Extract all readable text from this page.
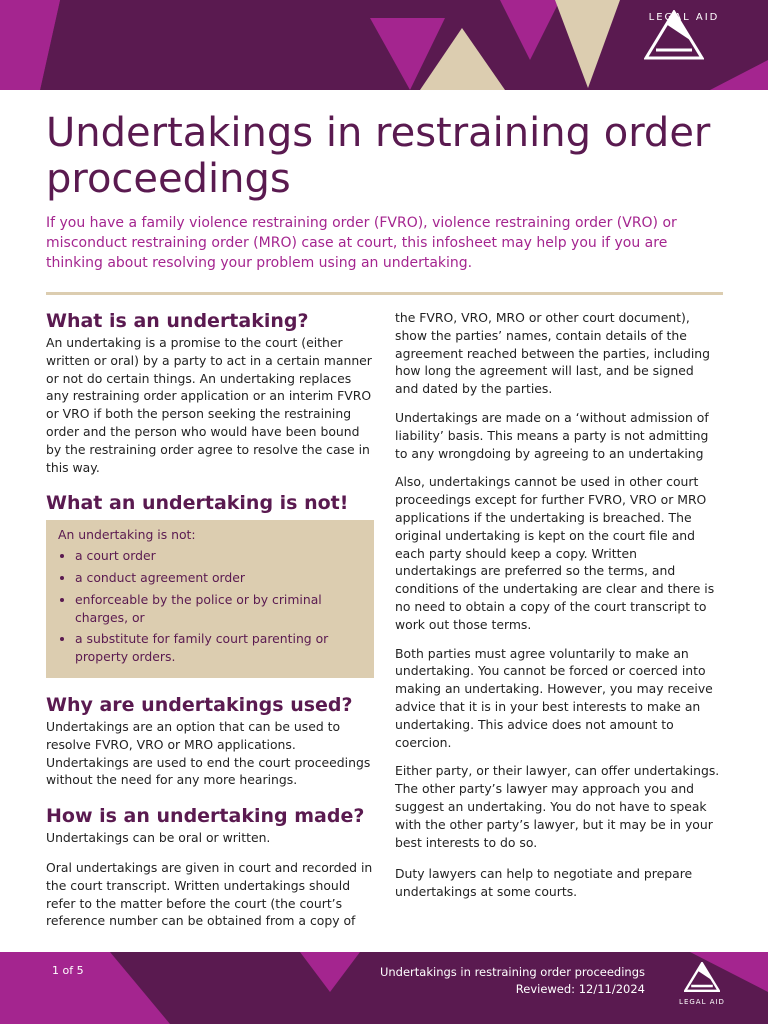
LEGAL AID
Undertakings in restraining order proceedings

If you have a family violence restraining order (FVRO), violence restraining order (VRO) or misconduct restraining order (MRO) case at court, this infosheet may help you if you are thinking about resolving your problem using an undertaking.

What is an undertaking?

An undertaking is a promise to the court (either written or oral) by a party to act in a certain manner or not do certain things. An undertaking replaces any restraining order application or an interim FVRO or VRO if both the person seeking the restraining order and the person who would have been bound by the restraining order agree to resolve the case in this way.

What an undertaking is not!

An undertaking is not:

• a court order
• a conduct agreement order
• enforceable by the police or by criminal charges, or
• a substitute for family court parenting or property orders.
Why are undertakings used?

Undertakings are an option that can be used to resolve FVRO, VRO or MRO applications. Undertakings are used to end the court proceedings without the need for any more hearings.

How is an undertaking made?

Undertakings can be oral or written.

Oral undertakings are given in court and recorded in the court transcript. Written undertakings should refer to the matter before the court (the court’s reference number can be obtained from a copy of

the FVRO, VRO, MRO or other court document), show the parties’ names, contain details of the agreement reached between the parties, including how long the agreement will last, and be signed and dated by the parties.

Undertakings are made on a ‘without admission of liability’ basis. This means a party is not admitting to any wrongdoing by agreeing to an undertaking

Also, undertakings cannot be used in other court proceedings except for further FVRO, VRO or MRO applications if the undertaking is breached. The original undertaking is kept on the court file and each party should keep a copy. Written undertakings are preferred so the terms, and conditions of the undertaking are clear and there is no need to obtain a copy of the court transcript to work out those terms.

Both parties must agree voluntarily to make an undertaking. You cannot be forced or coerced into making an undertaking. However, you may receive advice that it is in your best interests to make an undertaking. This advice does not amount to coercion.

Either party, or their lawyer, can offer undertakings. The other party’s lawyer may approach you and suggest an undertaking. You do not have to speak with the other party’s lawyer, but it may be in your best interests to do so.

Duty lawyers can help to negotiate and prepare undertakings at some courts.

1 of 5	Undertakings in restraining order proceedings
Reviewed: 12/11/2024
LEGAL AID
